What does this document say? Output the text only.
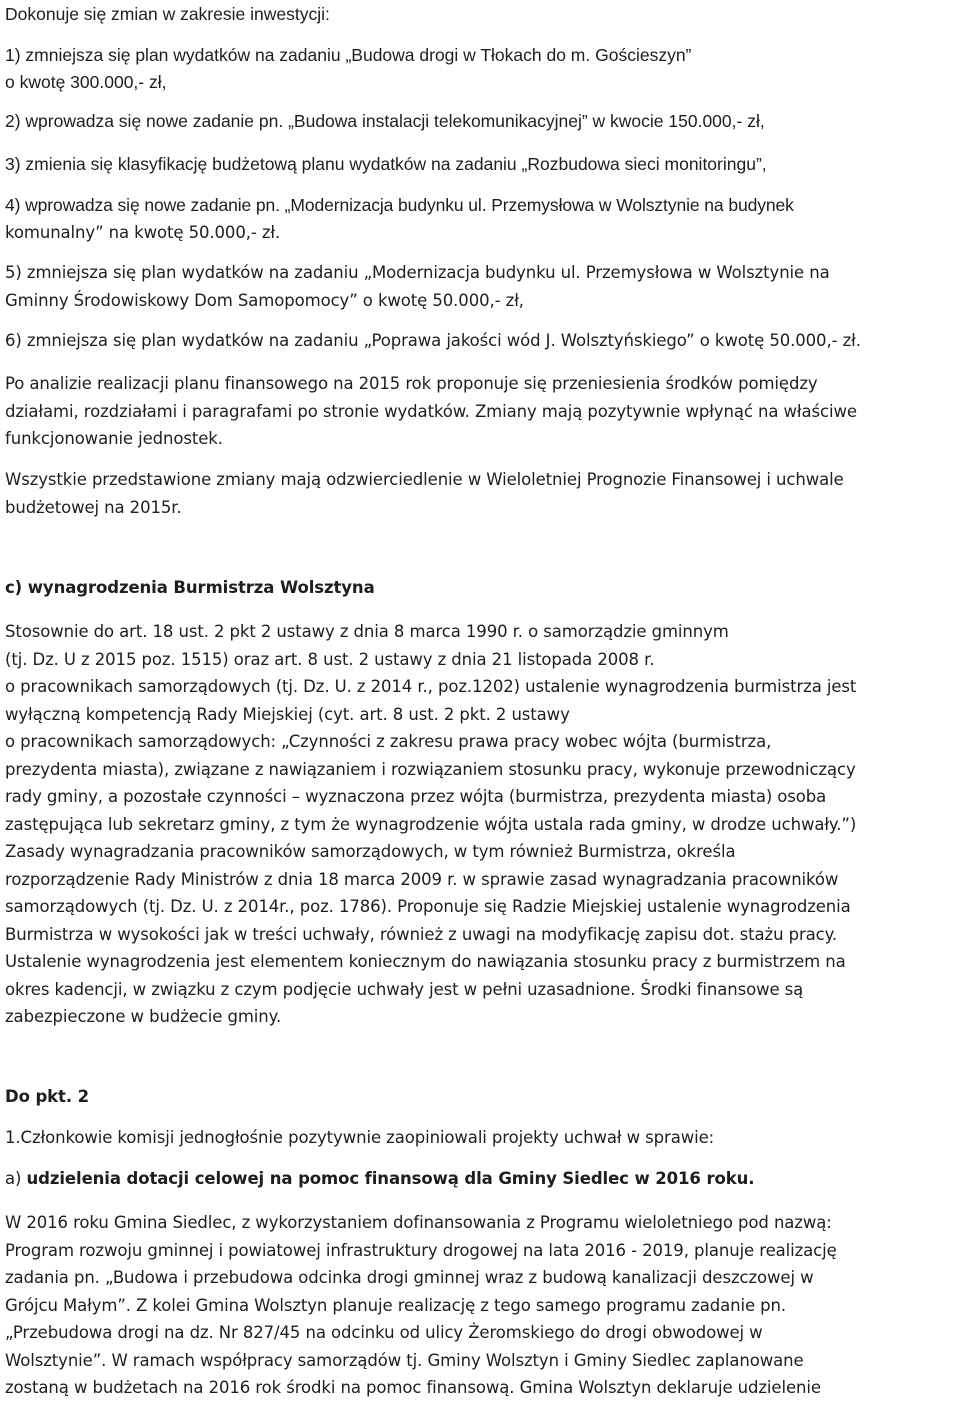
Dokonuje się zmian w zakresie inwestycji:
1) zmniejsza się plan wydatków na zadaniu „Budowa drogi w Tłokach do m. Gościeszyn”
o kwotę 300.000,- zł,
2) wprowadza się nowe zadanie pn. „Budowa instalacji telekomunikacyjnej” w kwocie 150.000,- zł,
3) zmienia się klasyfikację budżetową planu wydatków na zadaniu „Rozbudowa sieci monitoringu”,
4) wprowadza się nowe zadanie pn. „Modernizacja budynku ul. Przemysłowa w Wolsztynie na budynek
komunalny” na kwotę 50.000,- zł.
5) zmniejsza się plan wydatków na zadaniu „Modernizacja budynku ul. Przemysłowa w Wolsztynie na
Gminny Środowiskowy Dom Samopomocy” o kwotę 50.000,- zł,
6) zmniejsza się plan wydatków na zadaniu „Poprawa jakości wód J. Wolsztyńskiego” o kwotę 50.000,- zł.
Po analizie realizacji planu finansowego na 2015 rok proponuje się przeniesienia środków pomiędzy
działami, rozdziałami i paragrafami po stronie wydatków. Zmiany mają pozytywnie wpłynąć na właściwe
funkcjonowanie jednostek.
Wszystkie przedstawione zmiany mają odzwierciedlenie w Wieloletniej Prognozie Finansowej i uchwale
budżetowej na 2015r.
c) wynagrodzenia Burmistrza Wolsztyna
Stosownie do art. 18 ust. 2 pkt 2 ustawy z dnia 8 marca 1990 r. o samorządzie gminnym
(tj. Dz. U z 2015 poz. 1515) oraz art. 8 ust. 2 ustawy z dnia 21 listopada 2008 r.
o pracownikach samorządowych (tj. Dz. U. z 2014 r., poz.1202) ustalenie wynagrodzenia burmistrza jest
wyłączną kompetencją Rady Miejskiej (cyt. art. 8 ust. 2 pkt. 2 ustawy
o pracownikach samorządowych: „Czynności z zakresu prawa pracy wobec wójta (burmistrza,
prezydenta miasta), związane z nawiązaniem i rozwiązaniem stosunku pracy, wykonuje przewodniczący
rady gminy, a pozostałe czynności – wyznaczona przez wójta (burmistrza, prezydenta miasta) osoba
zastępująca lub sekretarz gminy, z tym że wynagrodzenie wójta ustala rada gminy, w drodze uchwały.”)
Zasady wynagradzania pracowników samorządowych, w tym również Burmistrza, określa
rozporządzenie Rady Ministrów z dnia 18 marca 2009 r. w sprawie zasad wynagradzania pracowników
samorządowych (tj. Dz. U. z 2014r., poz. 1786). Proponuje się Radzie Miejskiej ustalenie wynagrodzenia
Burmistrza w wysokości jak w treści uchwały, również z uwagi na modyfikację zapisu dot. stażu pracy.
Ustalenie wynagrodzenia jest elementem koniecznym do nawiązania stosunku pracy z burmistrzem na
okres kadencji, w związku z czym podjęcie uchwały jest w pełni uzasadnione. Środki finansowe są
zabezpieczone w budżecie gminy.
Do pkt. 2
1.Członkowie komisji jednogłośnie pozytywnie zaopiniowali projekty uchwał w sprawie:
a) udzielenia dotacji celowej na pomoc finansową dla Gminy Siedlec w 2016 roku.
W 2016 roku Gmina Siedlec, z wykorzystaniem dofinansowania z Programu wieloletniego pod nazwą:
Program rozwoju gminnej i powiatowej infrastruktury drogowej na lata 2016 - 2019, planuje realizację
zadania pn. „Budowa i przebudowa odcinka drogi gminnej wraz z budową kanalizacji deszczowej w
Grójcu Małym”. Z kolei Gmina Wolsztyn planuje realizację z tego samego programu zadanie pn.
„Przebudowa drogi na dz. Nr 827/45 na odcinku od ulicy Żeromskiego do drogi obwodowej w
Wolsztynie”. W ramach współpracy samorządów tj. Gminy Wolsztyn i Gminy Siedlec zaplanowane
zostaną w budżetach na 2016 rok środki na pomoc finansową. Gmina Wolsztyn deklaruje udzielenie
